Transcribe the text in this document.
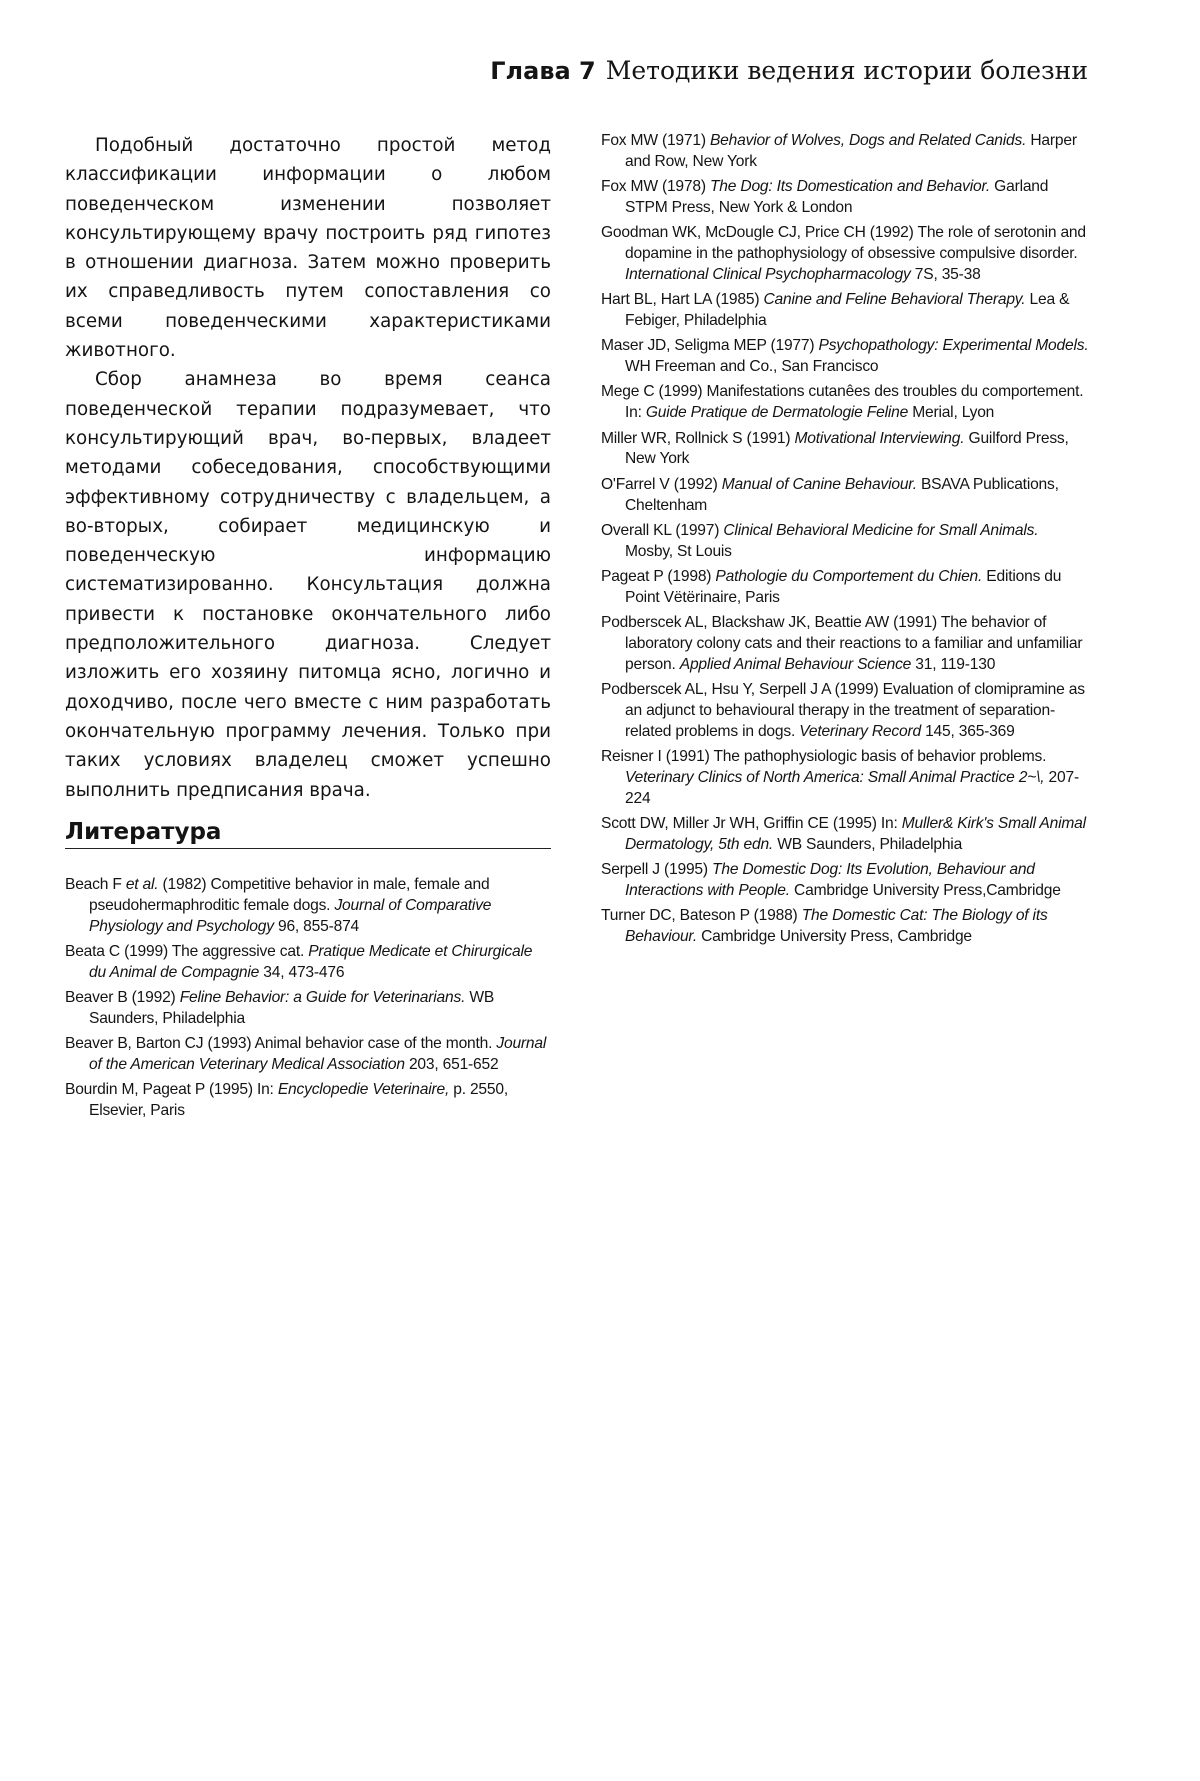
Глава 7 Методики ведения истории болезни

Подобный достаточно простой метод классификации информации о любом поведенческом изменении позволяет консультирующему врачу построить ряд гипотез в отношении диагноза. Затем можно проверить их справедливость путем сопоставления со всеми поведенческими характеристиками животного.

Сбор анамнеза во время сеанса поведенческой терапии подразумевает, что консультирующий врач, во-первых, владеет методами собеседования, способствующими эффективному сотрудничеству с владельцем, а во-вторых, собирает медицинскую и поведенческую информацию систематизированно. Консультация должна привести к постановке окончательного либо предположительного диагноза. Следует изложить его хозяину питомца ясно, логично и доходчиво, после чего вместе с ним разработать окончательную программу лечения. Только при таких условиях владелец сможет успешно выполнить предписания врача.

Литература

Beach F et al. (1982) Competitive behavior in male, female and pseudohermaphroditic female dogs. Journal of Comparative Physiology and Psychology 96, 855-874

Beata C (1999) The aggressive cat. Pratique Medicate et Chirurgicale du Animal de Compagnie 34, 473-476

Beaver B (1992) Feline Behavior: a Guide for Veterinarians. WB Saunders, Philadelphia

Beaver B, Barton CJ (1993) Animal behavior case of the month. Journal of the American Veterinary Medical Association 203, 651-652

Bourdin M, Pageat P (1995) In: Encyclopedie Veterinaire, p. 2550, Elsevier, Paris

Fox MW (1971) Behavior of Wolves, Dogs and Related Canids. Harper and Row, New York

Fox MW (1978) The Dog: Its Domestication and Behavior. Garland STPM Press, New York & London

Goodman WK, McDougle CJ, Price CH (1992) The role of serotonin and dopamine in the pathophysiology of obsessive compulsive disorder. International Clinical Psychopharmacology 7S, 35-38

Hart BL, Hart LA (1985) Canine and Feline Behavioral Therapy. Lea & Febiger, Philadelphia

Maser JD, Seligma MEP (1977) Psychopathology: Experimental Models. WH Freeman and Co., San Francisco

Mege C (1999) Manifestations cutanêes des troubles du comportement. In: Guide Pratique de Dermatologie Feline Merial, Lyon

Miller WR, Rollnick S (1991) Motivational Interviewing. Guilford Press, New York

O'Farrel V (1992) Manual of Canine Behaviour. BSAVA Publications, Cheltenham

Overall KL (1997) Clinical Behavioral Medicine for Small Animals. Mosby, St Louis

Pageat P (1998) Pathologie du Comportement du Chien. Editions du Point Vëtërinaire, Paris

Podberscek AL, Blackshaw JK, Beattie AW (1991) The behavior of laboratory colony cats and their reactions to a familiar and unfamiliar person. Applied Animal Behaviour Science 31, 119-130

Podberscek AL, Hsu Y, Serpell J A (1999) Evaluation of clomipramine as an adjunct to behavioural therapy in the treatment of separation-related problems in dogs. Veterinary Record 145, 365-369

Reisner I (1991) The pathophysiologic basis of behavior problems. Veterinary Clinics of North America: Small Animal Practice 2~\, 207-224

Scott DW, Miller Jr WH, Griffin CE (1995) In: Muller& Kirk's Small Animal Dermatology, 5th edn. WB Saunders, Philadelphia

Serpell J (1995) The Domestic Dog: Its Evolution, Behaviour and Interactions with People. Cambridge University Press,Cambridge

Turner DC, Bateson P (1988) The Domestic Cat: The Biology of its Behaviour. Cambridge University Press, Cambridge
